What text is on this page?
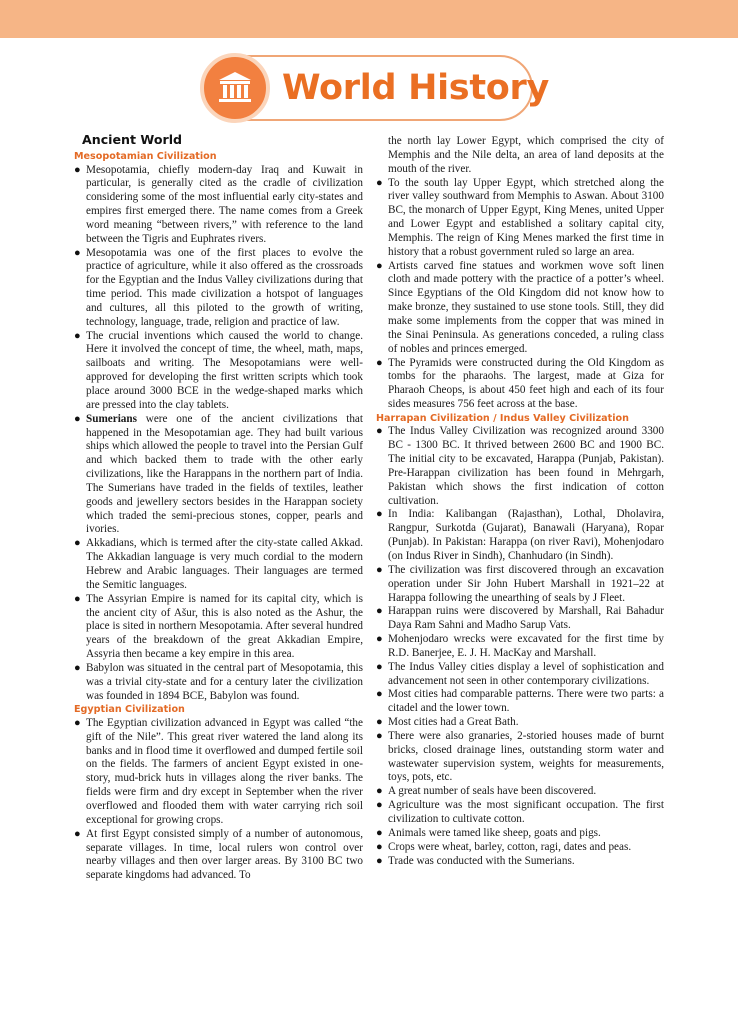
World History
Ancient World
Mesopotamian Civilization
● Mesopotamia, chiefly modern-day Iraq and Kuwait in particular, is generally cited as the cradle of civilization considering some of the most influential early city-states and empires first emerged there. The name comes from a Greek word meaning “between rivers,” with reference to the land between the Tigris and Euphrates rivers.
● Mesopotamia was one of the first places to evolve the practice of agriculture, while it also offered as the crossroads for the Egyptian and the Indus Valley civilizations during that time period. This made civilization a hotspot of languages and cultures, all this piloted to the growth of writing, technology, language, trade, religion and practice of law.
● The crucial inventions which caused the world to change. Here it involved the concept of time, the wheel, math, maps, sailboats and writing. The Mesopotamians were well-approved for developing the first written scripts which took place around 3000 BCE in the wedge-shaped marks which are pressed into the clay tablets.
● Sumerians were one of the ancient civilizations that happened in the Mesopotamian age. They had built various ships which allowed the people to travel into the Persian Gulf and which backed them to trade with the other early civilizations, like the Harappans in the northern part of India. The Sumerians have traded in the fields of textiles, leather goods and jewellery sectors besides in the Harappan society which traded the semi-precious stones, copper, pearls and ivories.
● Akkadians, which is termed after the city-state called Akkad. The Akkadian language is very much cordial to the modern Hebrew and Arabic languages. Their languages are termed the Semitic languages.
● The Assyrian Empire is named for its capital city, which is the ancient city of Ašur, this is also noted as the Ashur, the place is sited in northern Mesopotamia. After several hundred years of the breakdown of the great Akkadian Empire, Assyria then became a key empire in this area.
● Babylon was situated in the central part of Mesopotamia, this was a trivial city-state and for a century later the civilization was founded in 1894 BCE, Babylon was found.
Egyptian Civilization
● The Egyptian civilization advanced in Egypt was called “the gift of the Nile”. This great river watered the land along its banks and in flood time it overflowed and dumped fertile soil on the fields. The farmers of ancient Egypt existed in one-story, mud-brick huts in villages along the river banks. The fields were firm and dry except in September when the river overflowed and flooded them with water carrying rich soil exceptional for growing crops.
● At first Egypt consisted simply of a number of autonomous, separate villages. In time, local rulers won control over nearby villages and then over larger areas. By 3100 BC two separate kingdoms had advanced. To

the north lay Lower Egypt, which comprised the city of Memphis and the Nile delta, an area of land deposits at the mouth of the river.

● To the south lay Upper Egypt, which stretched along the river valley southward from Memphis to Aswan. About 3100 BC, the monarch of Upper Egypt, King Menes, united Upper and Lower Egypt and established a solitary capital city, Memphis. The reign of King Menes marked the first time in history that a robust government ruled so large an area.
● Artists carved fine statues and workmen wove soft linen cloth and made pottery with the practice of a potter’s wheel. Since Egyptians of the Old Kingdom did not know how to make bronze, they sustained to use stone tools. Still, they did make some implements from the copper that was mined in the Sinai Peninsula. As generations conceded, a ruling class of nobles and princes emerged.
● The Pyramids were constructed during the Old Kingdom as tombs for the pharaohs. The largest, made at Giza for Pharaoh Cheops, is about 450 feet high and each of its four sides measures 756 feet across at the base.
Harrapan Civilization / Indus Valley Civilization
● The Indus Valley Civilization was recognized around 3300 BC - 1300 BC. It thrived between 2600 BC and 1900 BC. The initial city to be excavated, Harappa (Punjab, Pakistan). Pre-Harappan civilization has been found in Mehrgarh, Pakistan which shows the first indication of cotton cultivation.
● In India: Kalibangan (Rajasthan), Lothal, Dholavira, Rangpur, Surkotda (Gujarat), Banawali (Haryana), Ropar (Punjab). In Pakistan: Harappa (on river Ravi), Mohenjodaro (on Indus River in Sindh), Chanhudaro (in Sindh).
● The civilization was first discovered through an excavation operation under Sir John Hubert Marshall in 1921–22 at Harappa following the unearthing of seals by J Fleet.
● Harappan ruins were discovered by Marshall, Rai Bahadur Daya Ram Sahni and Madho Sarup Vats.
● Mohenjodaro wrecks were excavated for the first time by R.D. Banerjee, E. J. H. MacKay and Marshall.
● The Indus Valley cities display a level of sophistication and advancement not seen in other contemporary civilizations.
● Most cities had comparable patterns. There were two parts: a citadel and the lower town.
● Most cities had a Great Bath.
● There were also granaries, 2-storied houses made of burnt bricks, closed drainage lines, outstanding storm water and wastewater supervision system, weights for measurements, toys, pots, etc.
● A great number of seals have been discovered.
● Agriculture was the most significant occupation. The first civilization to cultivate cotton.
● Animals were tamed like sheep, goats and pigs.
● Crops were wheat, barley, cotton, ragi, dates and peas.
● Trade was conducted with the Sumerians.
